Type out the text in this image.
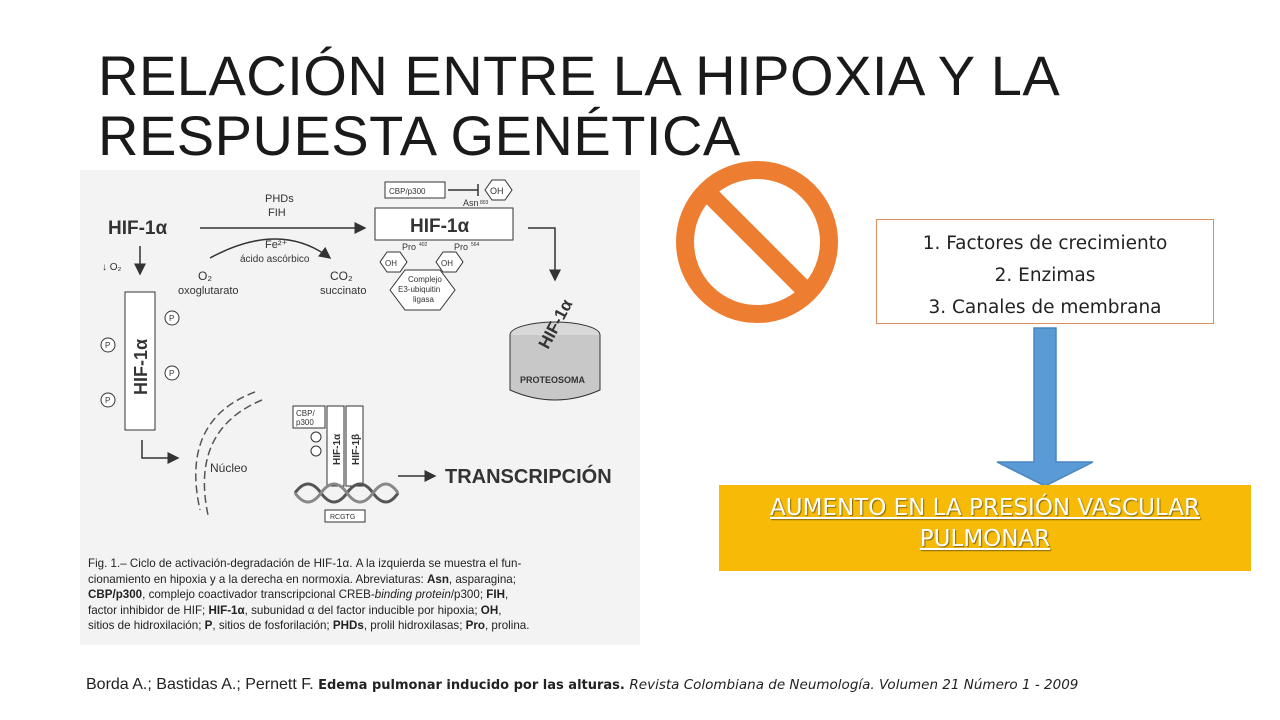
RELACIÓN ENTRE LA HIPOXIA Y LA
RESPUESTA GENÉTICA
HIF-1α
↓ O₂
PHDs
FIH
Fe²⁺
ácido ascórbico
O₂
oxoglutarato
CO₂
succinato
CBP/p300	OH
Asn 803
HIF-1α
Pro 402	Pro 564
OH	OH
Complejo
E3-ubiquitin
ligasa
PROTEOSOMA
HIF-1α
HIF-1α
P
P
P
P
Núcleo
CBP/
p300
HIF-1α HIF-1β
RCGTG
TRANSCRIPCIÓN
Fig. 1.– Ciclo de activación-degradación de HIF-1α. A la izquierda se muestra el fun-
cionamiento en hipoxia y a la derecha en normoxia. Abreviaturas: Asn, asparagina;
CBP/p300, complejo coactivador transcripcional CREB-binding protein/p300; FIH,
factor inhibidor de HIF; HIF-1α, subunidad α del factor inducible por hipoxia; OH,
sitios de hidroxilación; P, sitios de fosforilación; PHDs, prolil hidroxilasas; Pro, prolina.
1. Factores de crecimiento
2. Enzimas
3. Canales de membrana
AUMENTO EN LA PRESIÓN VASCULAR
PULMONAR
Borda A.; Bastidas A.; Pernett F. Edema pulmonar inducido por las alturas. Revista Colombiana de Neumología. Volumen 21 Número 1 - 2009
